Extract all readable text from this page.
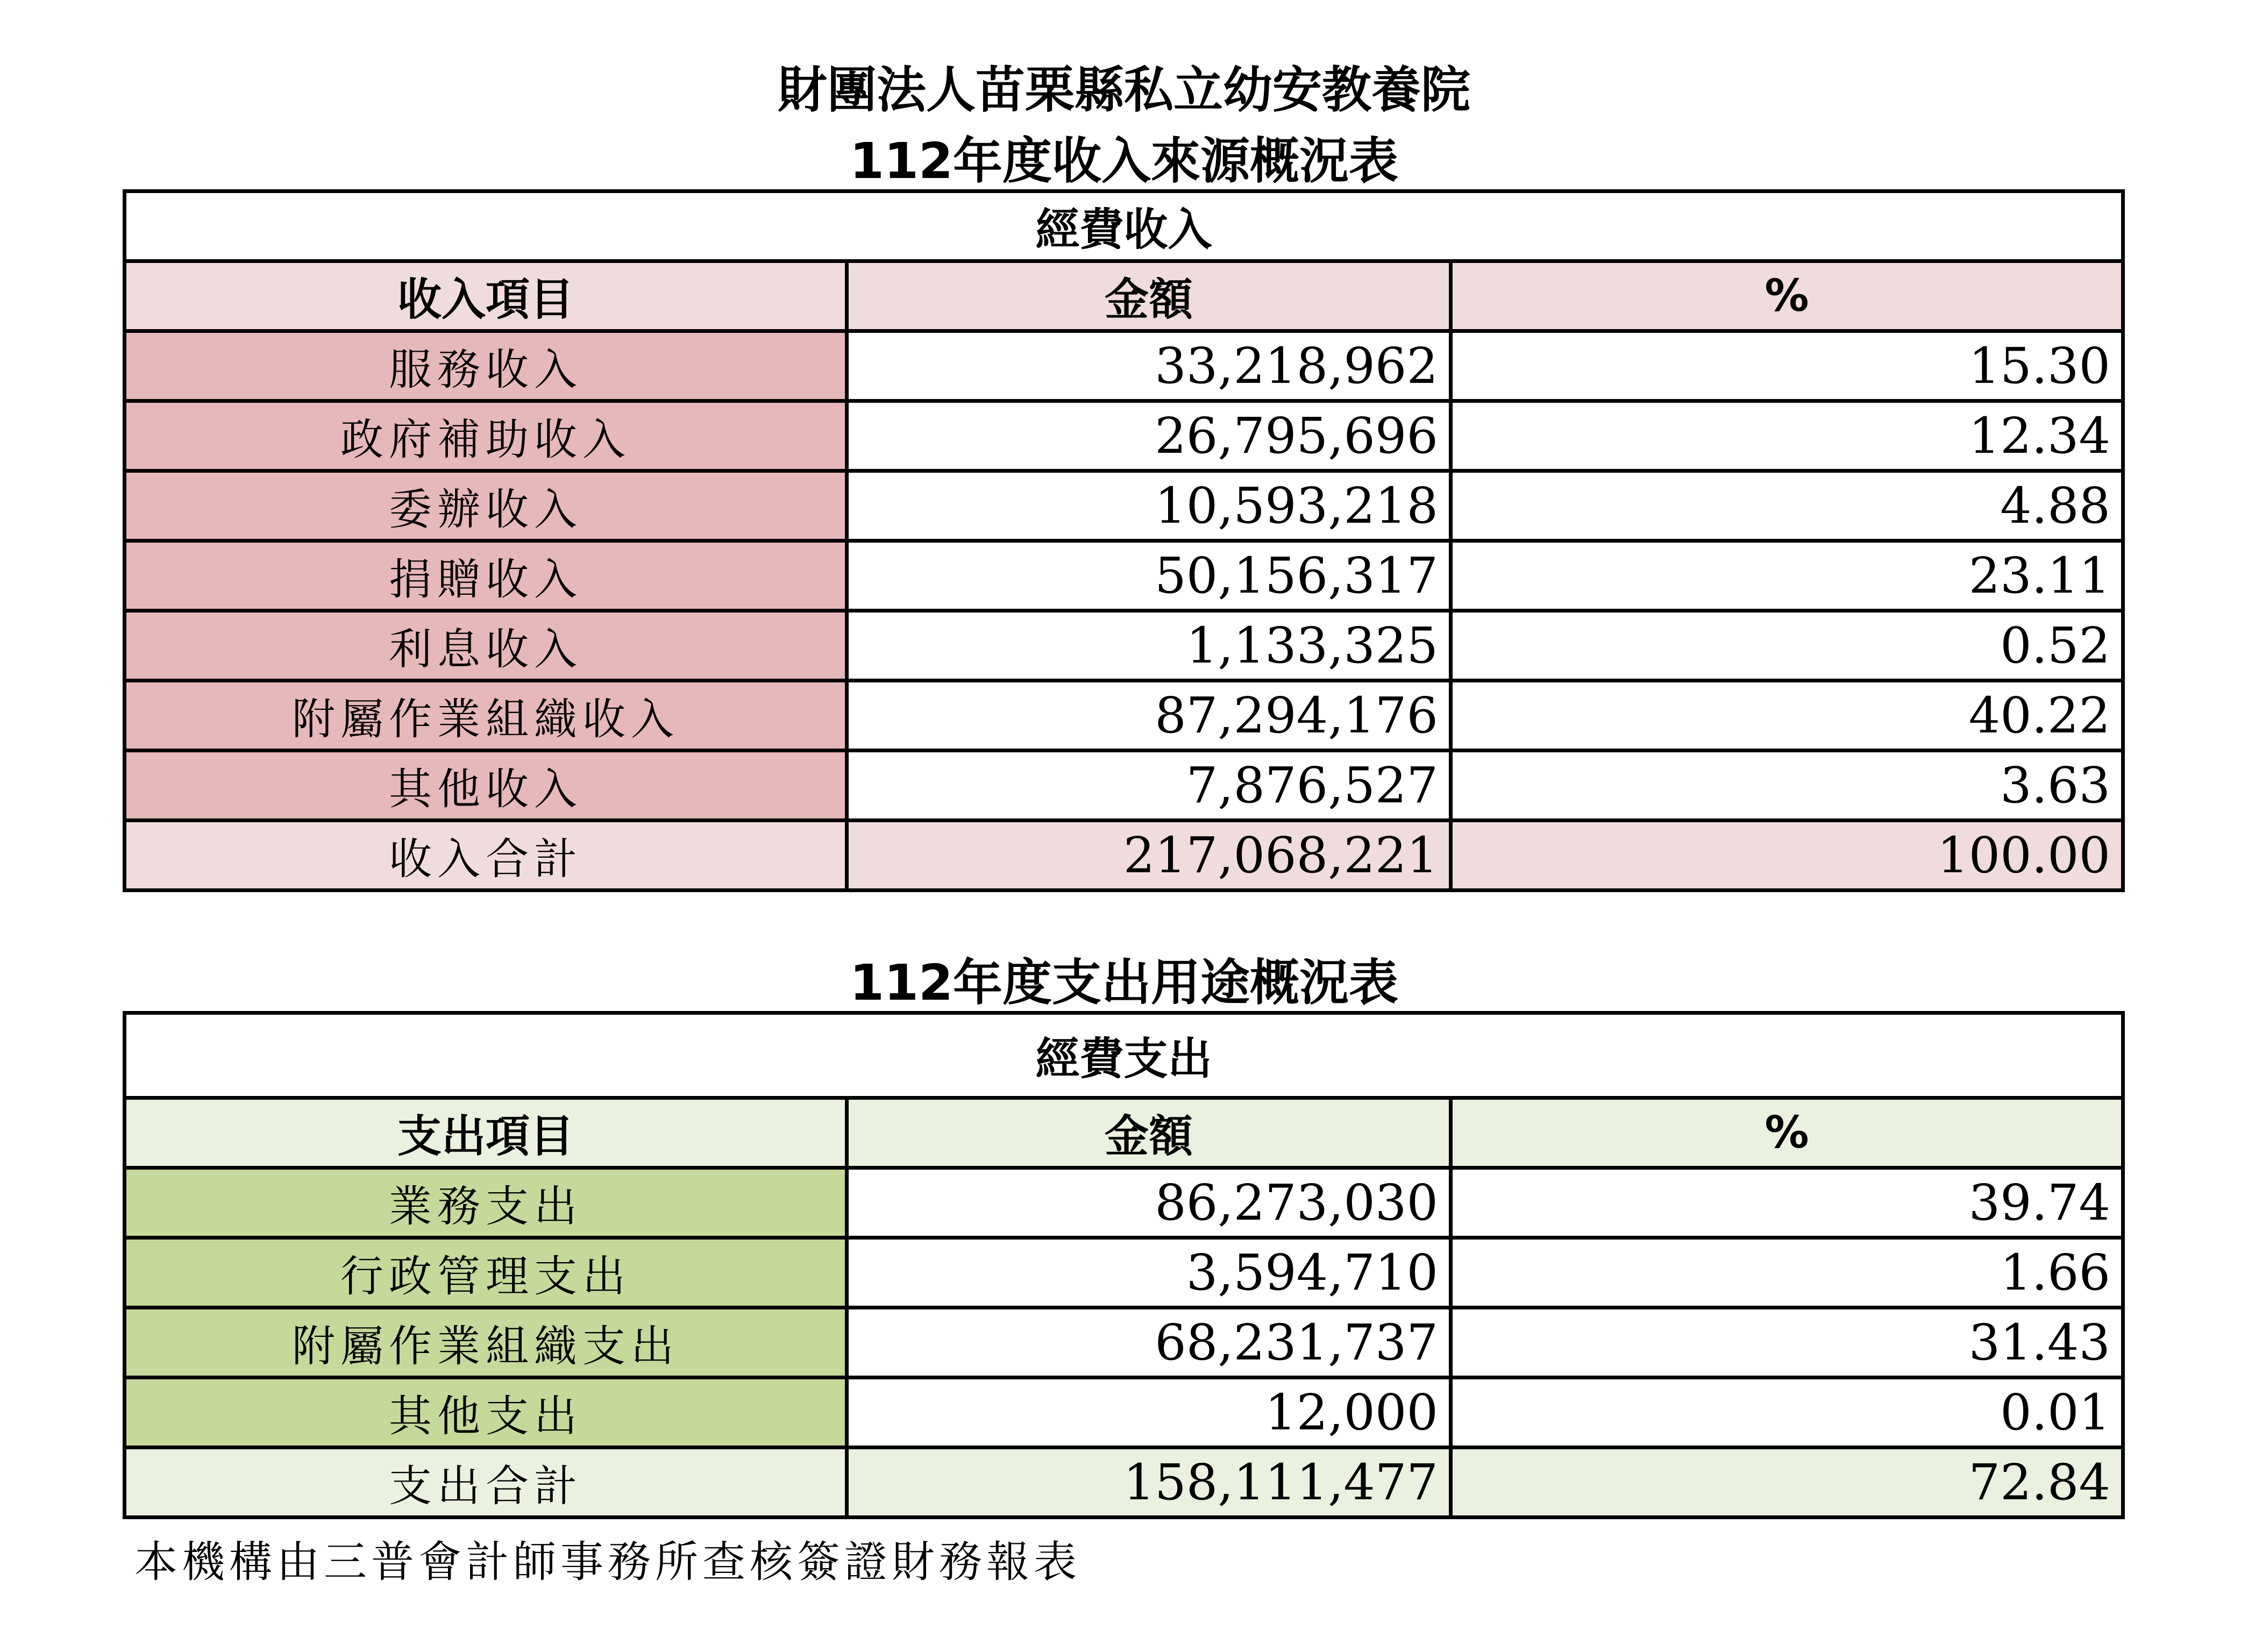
財團法人苗栗縣私立幼安教養院
112年度收入來源概況表
經費收入		
收入項目	金額	%
服務收入	33,218,962	15.30
政府補助收入	26,795,696	12.34
委辦收入	10,593,218	4.88
捐贈收入	50,156,317	23.11
利息收入	1,133,325	0.52
附屬作業組織收入	87,294,176	40.22
其他收入	7,876,527	3.63
收入合計	217,068,221	100.00
112年度支出用途概況表
經費支出		
支出項目	金額	%
業務支出	86,273,030	39.74
行政管理支出	3,594,710	1.66
附屬作業組織支出	68,231,737	31.43
其他支出	12,000	0.01
支出合計	158,111,477	72.84
本機構由三普會計師事務所查核簽證財務報表
